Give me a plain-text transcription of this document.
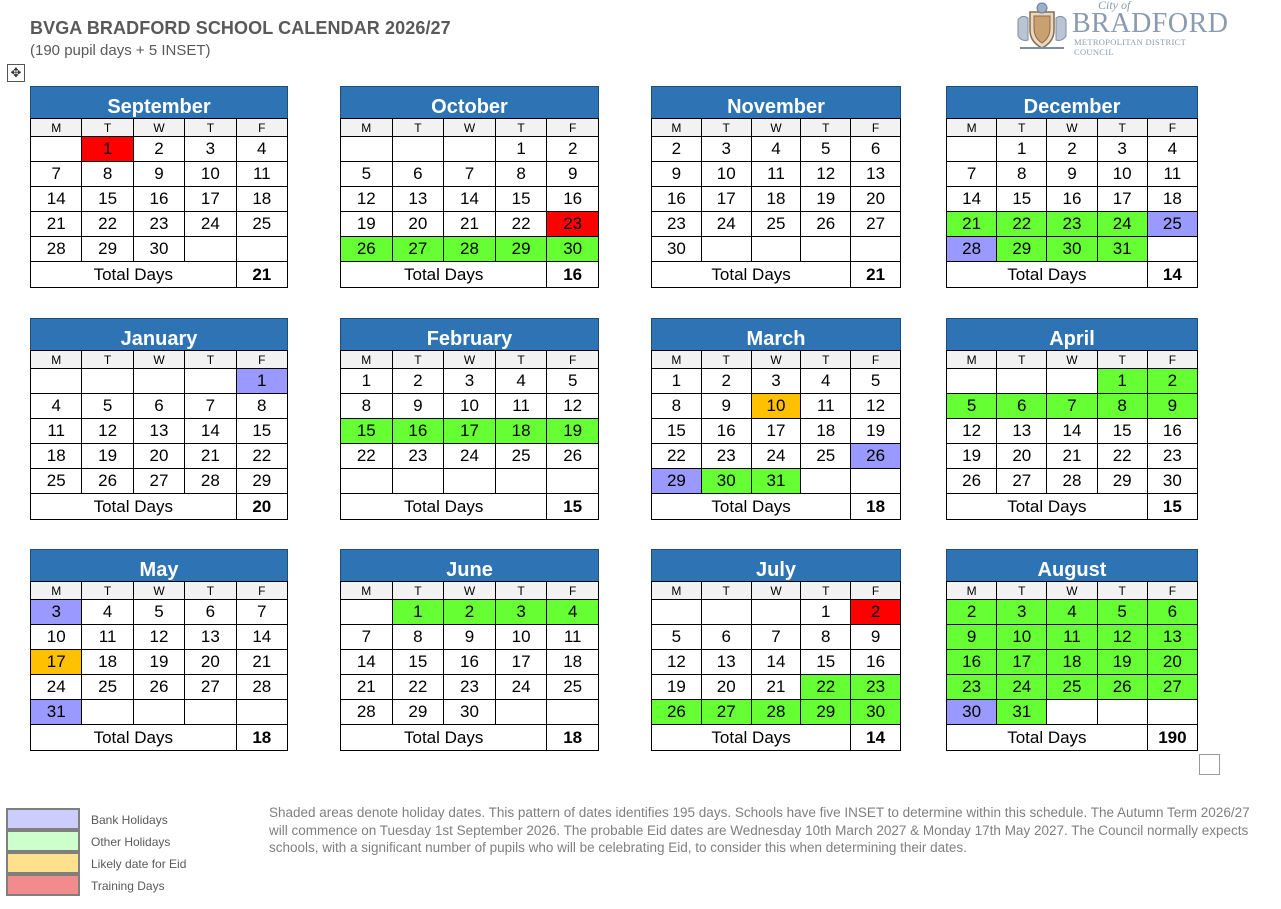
BVGA BRADFORD SCHOOL CALENDAR 2026/27
(190 pupil days + 5 INSET)
✥
City of
BRADFORD
METROPOLITAN DISTRICT COUNCIL
September
M	T	W	T	F
	1	2	3	4
7	8	9	10	11
14	15	16	17	18
21	22	23	24	25
28	29	30		
Total Days				21
October
M	T	W	T	F
			1	2
5	6	7	8	9
12	13	14	15	16
19	20	21	22	23
26	27	28	29	30
Total Days				16
November
M	T	W	T	F
2	3	4	5	6
9	10	11	12	13
16	17	18	19	20
23	24	25	26	27
30				
Total Days				21
December
M	T	W	T	F
	1	2	3	4
7	8	9	10	11
14	15	16	17	18
21	22	23	24	25
28	29	30	31	
Total Days				14
January
M	T	W	T	F
				1
4	5	6	7	8
11	12	13	14	15
18	19	20	21	22
25	26	27	28	29
Total Days				20
February
M	T	W	T	F
1	2	3	4	5
8	9	10	11	12
15	16	17	18	19
22	23	24	25	26

Total Days				15
March
M	T	W	T	F
1	2	3	4	5
8	9	10	11	12
15	16	17	18	19
22	23	24	25	26
29	30	31		
Total Days				18
April
M	T	W	T	F
			1	2
5	6	7	8	9
12	13	14	15	16
19	20	21	22	23
26	27	28	29	30
Total Days				15
May
M	T	W	T	F
3	4	5	6	7
10	11	12	13	14
17	18	19	20	21
24	25	26	27	28
31				
Total Days				18
June
M	T	W	T	F
	1	2	3	4
7	8	9	10	11
14	15	16	17	18
21	22	23	24	25
28	29	30		
Total Days				18
July
M	T	W	T	F
			1	2
5	6	7	8	9
12	13	14	15	16
19	20	21	22	23
26	27	28	29	30
Total Days				14
August
M	T	W	T	F
2	3	4	5	6
9	10	11	12	13
16	17	18	19	20
23	24	25	26	27
30	31			
Total Days				190
Bank Holidays
Other Holidays
Likely date for Eid
Training Days
Shaded areas denote holiday dates. This pattern of dates identifies 195 days. Schools have five INSET to determine within this schedule. The Autumn Term 2026/27 will commence on Tuesday 1st September 2026. The probable Eid dates are Wednesday 10th March 2027 & Monday 17th May 2027. The Council normally expects schools, with a significant number of pupils who will be celebrating Eid, to consider this when determining their dates.
